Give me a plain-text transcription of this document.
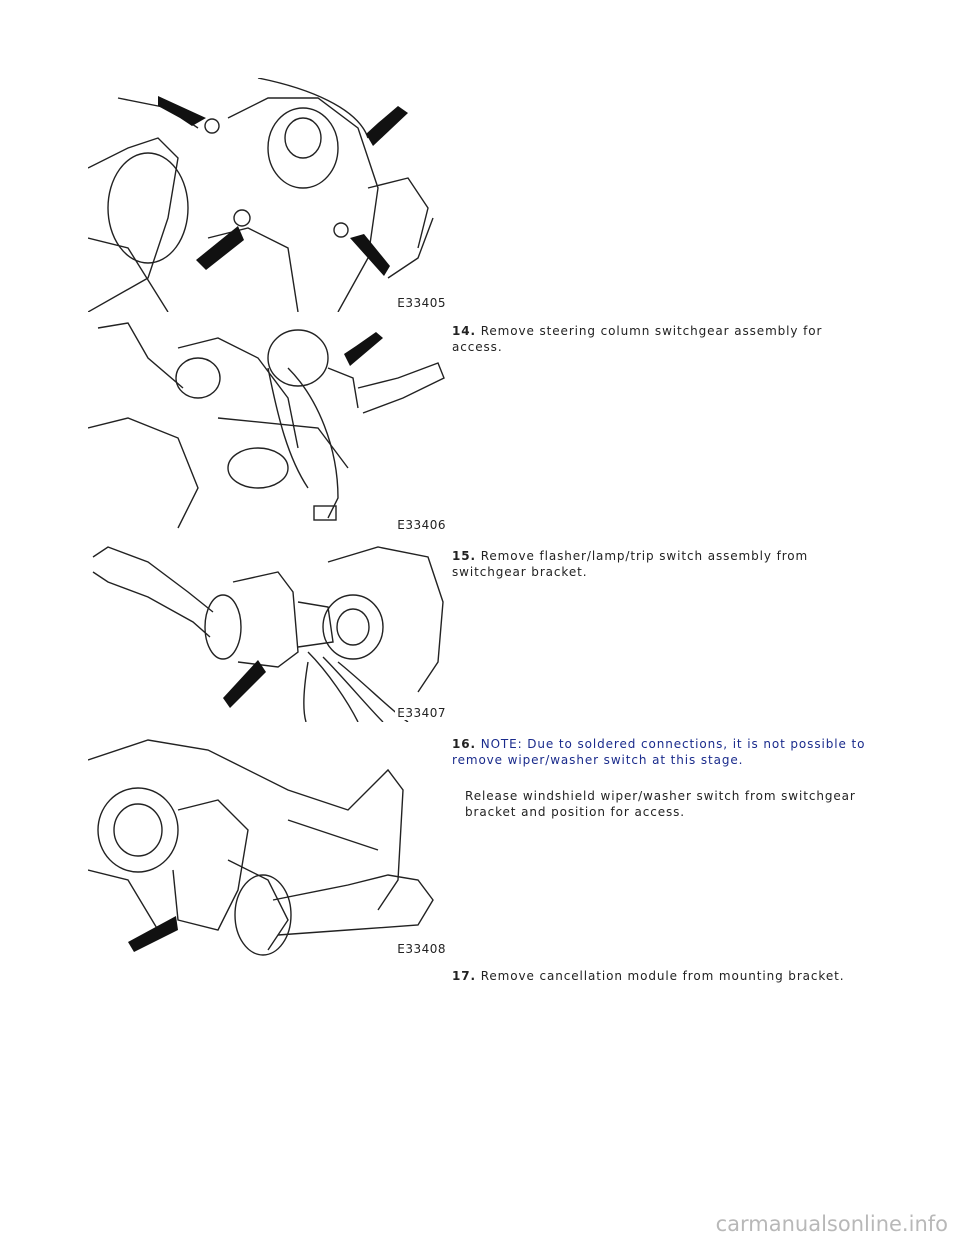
E33405
14. Remove steering column switchgear assembly for access.
E33406
15. Remove flasher/lamp/trip switch assembly from switchgear bracket.
E33407
16. NOTE: Due to soldered connections, it is not possible to remove wiper/washer switch at this stage.
Release windshield wiper/washer switch from switchgear bracket and position for access.
E33408
17. Remove cancellation module from mounting bracket.
carmanualsonline.info
